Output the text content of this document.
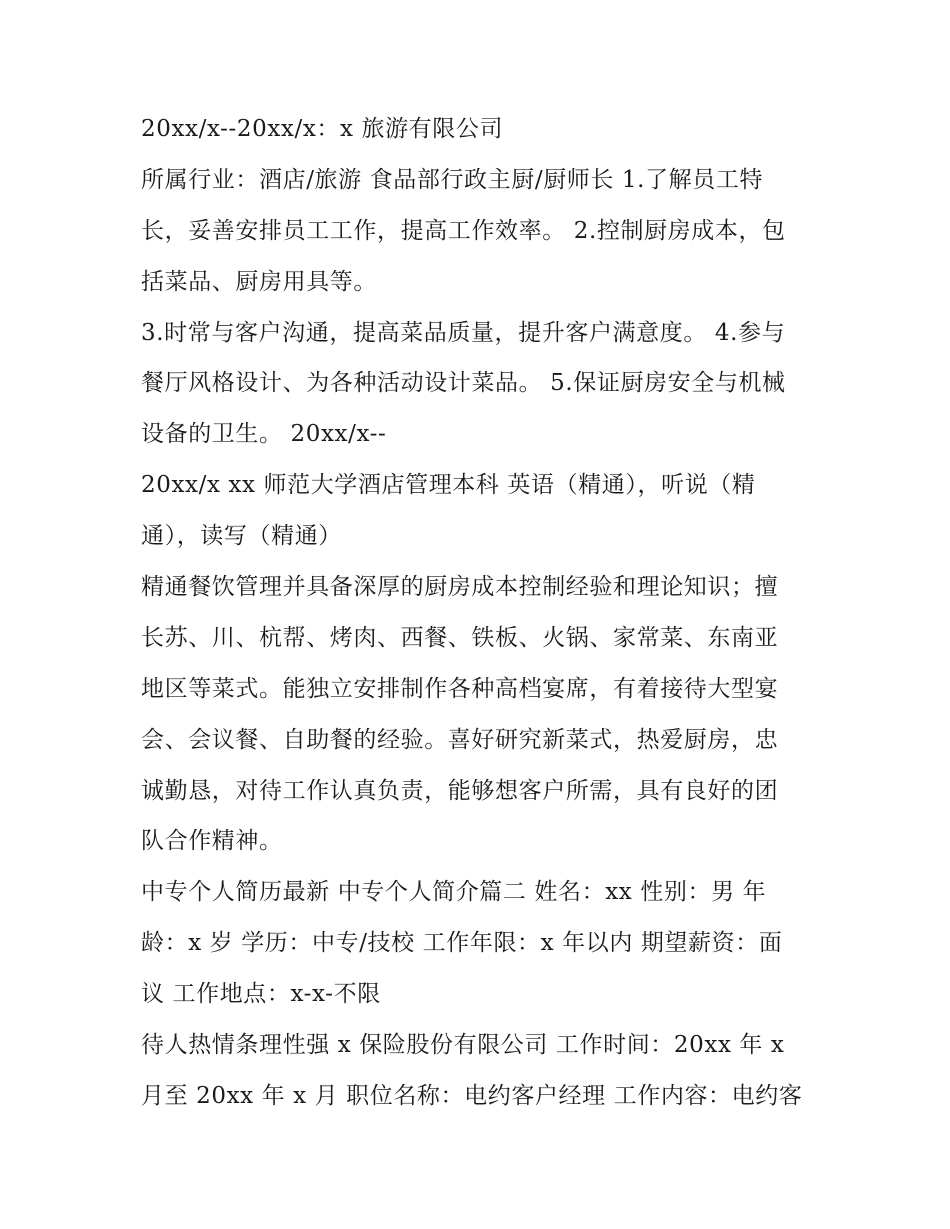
20xx/x--20xx/x：x 旅游有限公司
所属行业：酒店/旅游 食品部行政主厨/厨师长 1.了解员工特
长，妥善安排员工工作，提高工作效率。 2.控制厨房成本，包
括菜品、厨房用具等。
3.时常与客户沟通，提高菜品质量，提升客户满意度。 4.参与
餐厅风格设计、为各种活动设计菜品。 5.保证厨房安全与机械
设备的卫生。 20xx/x--
20xx/x xx 师范大学酒店管理本科 英语（精通），听说（精
通），读写（精通）
精通餐饮管理并具备深厚的厨房成本控制经验和理论知识；擅
长苏、川、杭帮、烤肉、西餐、铁板、火锅、家常菜、东南亚
地区等菜式。能独立安排制作各种高档宴席，有着接待大型宴
会、会议餐、自助餐的经验。喜好研究新菜式，热爱厨房，忠
诚勤恳，对待工作认真负责，能够想客户所需，具有良好的团
队合作精神。
中专个人简历最新 中专个人简介篇二 姓名：xx 性别：男 年
龄：x 岁 学历：中专/技校 工作年限：x 年以内 期望薪资：面
议 工作地点：x-x-不限
待人热情条理性强 x 保险股份有限公司 工作时间：20xx 年 x
月至 20xx 年 x 月 职位名称：电约客户经理 工作内容：电约客
